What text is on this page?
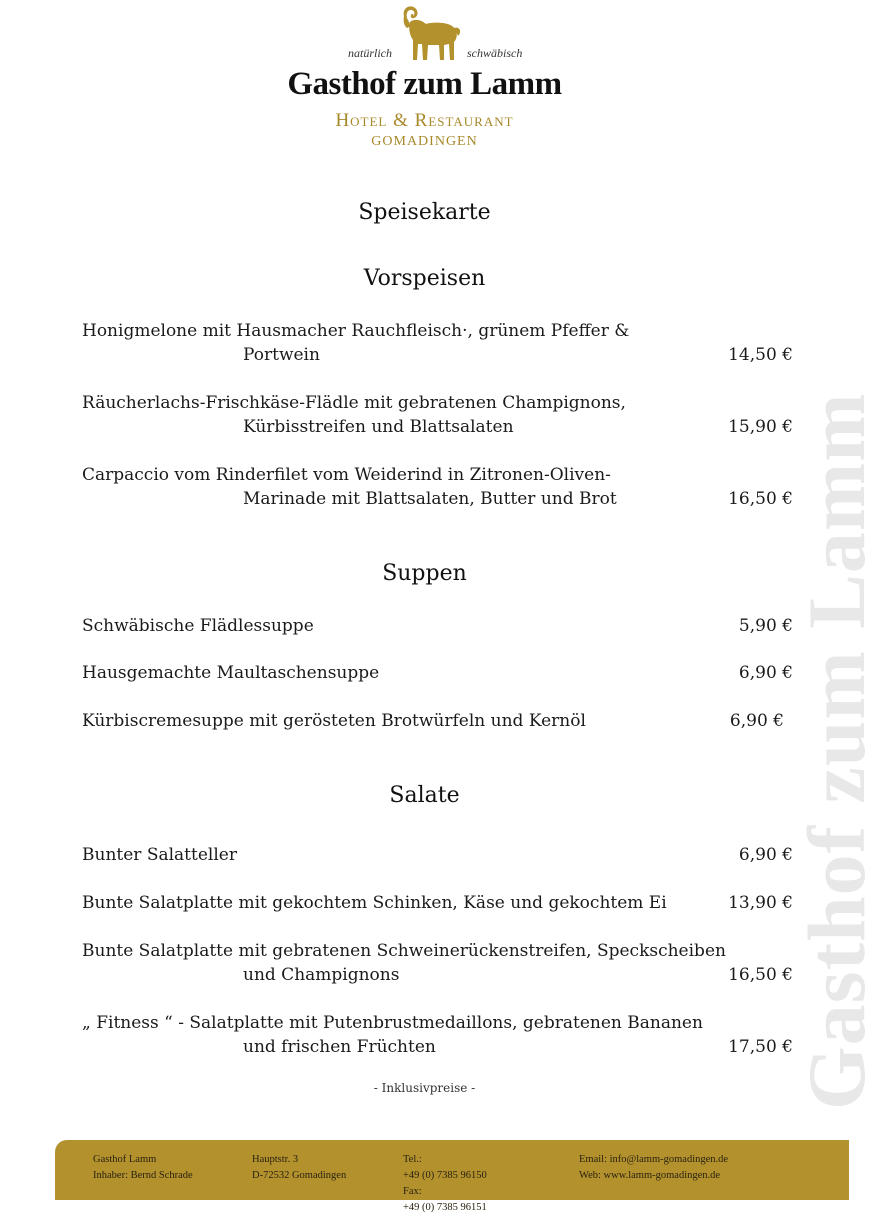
natürlich	schwäbisch
Gasthof zum Lamm
Hotel & Restaurant
GOMADINGEN
Gasthof zum Lamm
Speisekarte
Vorspeisen
Honigmelone mit Hausmacher Rauchfleisch·, grünem Pfeffer &
Portwein	14,50 €
Räucherlachs-Frischkäse-Flädle mit gebratenen Champignons,
Kürbisstreifen und Blattsalaten	15,90 €
Carpaccio vom Rinderfilet vom Weiderind in Zitronen-Oliven-
Marinade mit Blattsalaten, Butter und Brot	16,50 €
Suppen
Schwäbische Flädlessuppe	5,90 €
Hausgemachte Maultaschensuppe	6,90 €
Kürbiscremesuppe mit gerösteten Brotwürfeln und Kernöl	6,90 €
Salate
Bunter Salatteller	6,90 €
Bunte Salatplatte mit gekochtem Schinken, Käse und gekochtem Ei	13,90 €
Bunte Salatplatte mit gebratenen Schweinerückenstreifen, Speckscheiben
und Champignons	16,50 €
„ Fitness “ - Salatplatte mit Putenbrustmedaillons, gebratenen Bananen
und frischen Früchten	17,50 €
- Inklusivpreise -
Gasthof Lamm
Inhaber: Bernd Schrade
Hauptstr. 3
D-72532 Gomadingen
Tel.:
+49 (0) 7385 96150
Fax:
+49 (0) 7385 96151
Email: info@lamm-gomadingen.de
Web: www.lamm-gomadingen.de
